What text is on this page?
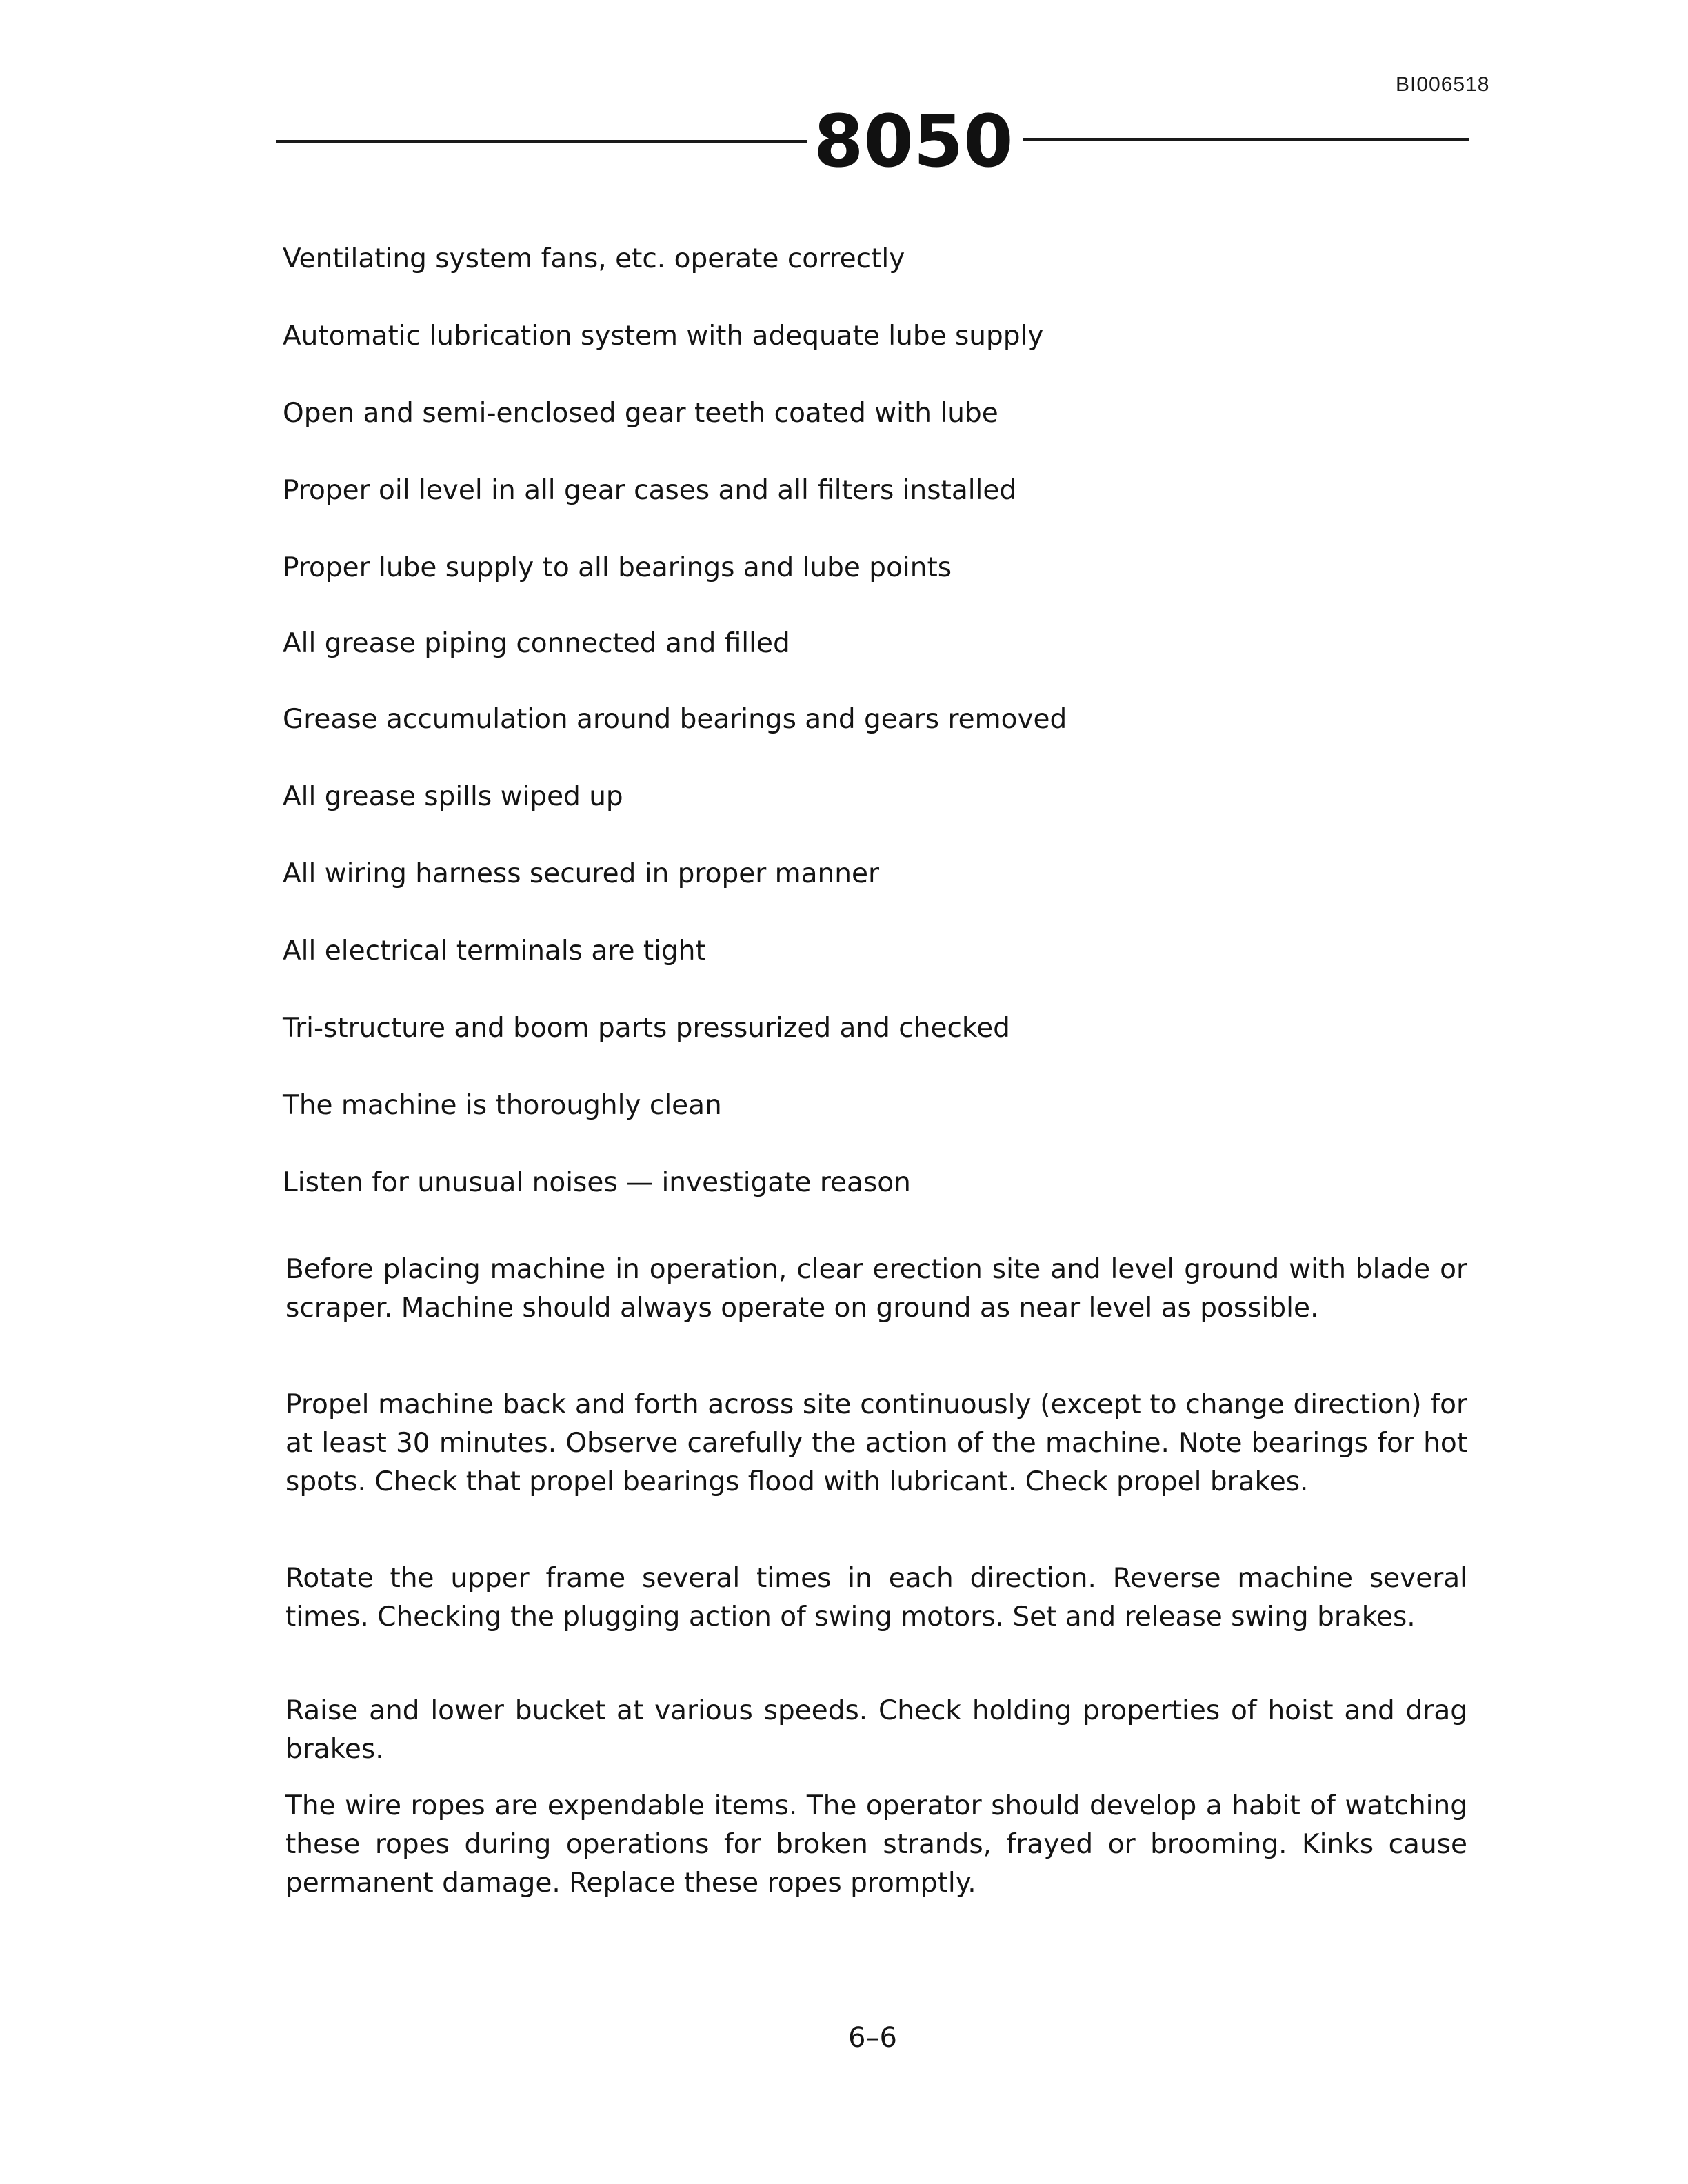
BI006518
8050

Ventilating system fans, etc. operate correctly

Automatic lubrication system with adequate lube supply

Open and semi-enclosed gear teeth coated with lube

Proper oil level in all gear cases and all filters installed

Proper lube supply to all bearings and lube points

All grease piping connected and filled

Grease accumulation around bearings and gears removed

All grease spills wiped up

All wiring harness secured in proper manner

All electrical terminals are tight

Tri-structure and boom parts pressurized and checked

The machine is thoroughly clean

Listen for unusual noises — investigate reason

Before placing machine in operation, clear erection site and level ground with blade or scraper. Machine should always operate on ground as near level as possible.

Propel machine back and forth across site continuously (except to change direction) for at least 30 minutes. Observe carefully the action of the machine. Note bearings for hot spots. Check that propel bearings flood with lubricant. Check propel brakes.

Rotate the upper frame several times in each direction. Reverse machine several times. Checking the plugging action of swing motors. Set and release swing brakes.

Raise and lower bucket at various speeds. Check holding properties of hoist and drag brakes.

The wire ropes are expendable items. The operator should develop a habit of watching these ropes during operations for broken strands, frayed or brooming. Kinks cause permanent damage. Replace these ropes promptly.

6–6
